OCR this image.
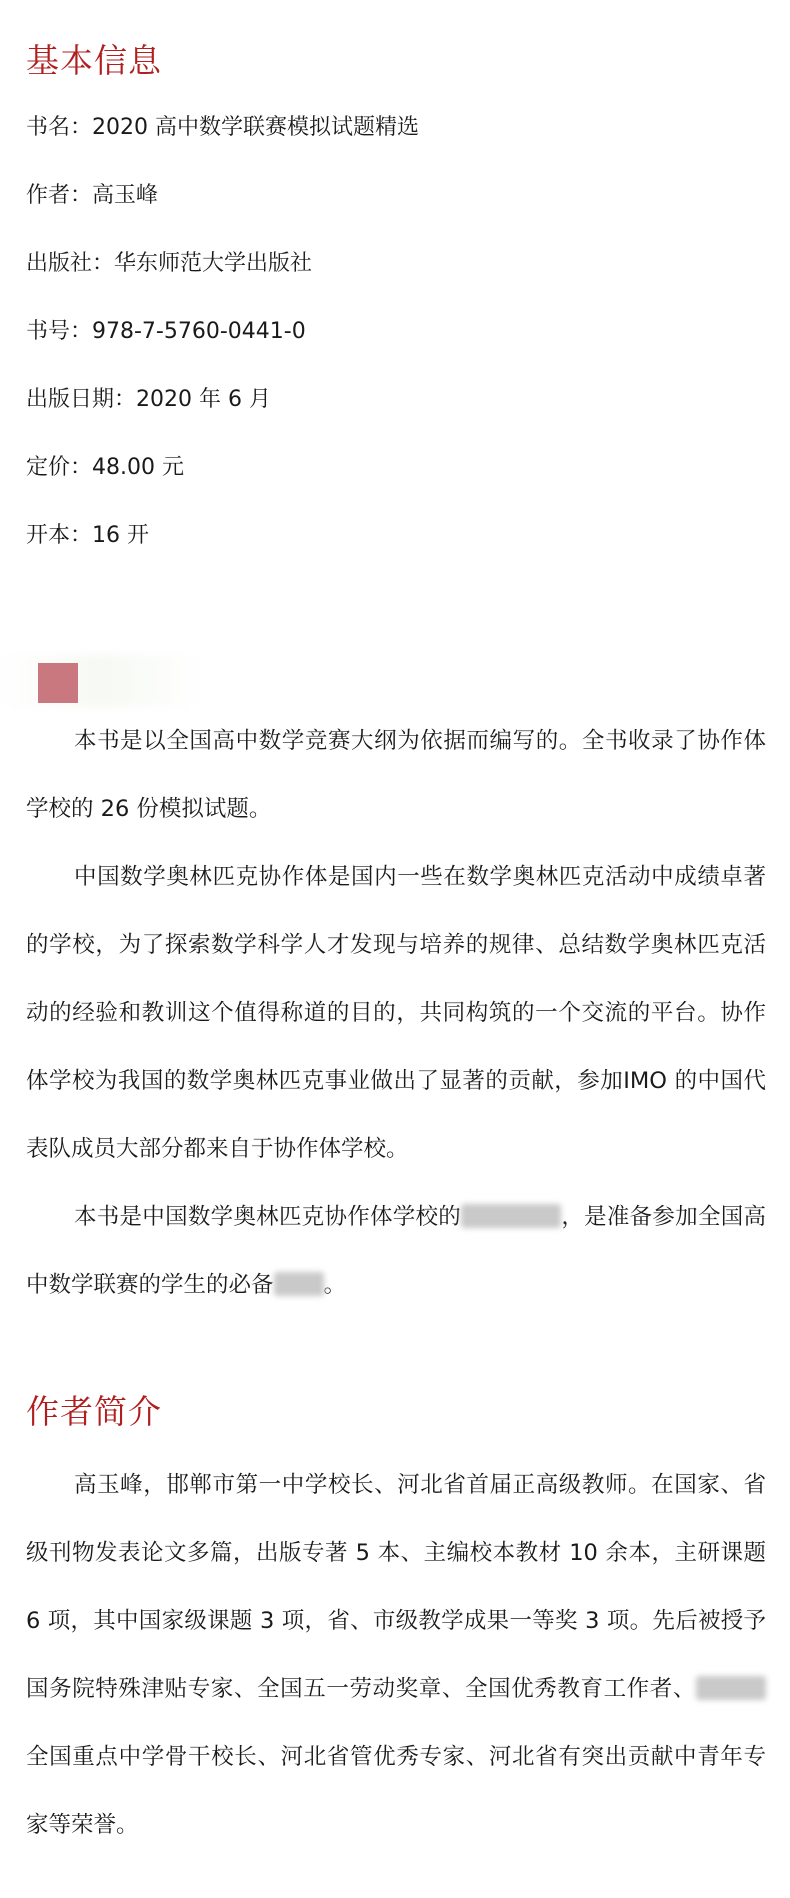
基本信息

书名：2020 高中数学联赛模拟试题精选

作者：高玉峰

出版社：华东师范大学出版社

书号：978-7-5760-0441-0

出版日期：2020 年 6 月

定价：48.00 元

开本：16 开

本书是以全国高中数学竞赛大纲为依据而编写的。全书收录了协作体学校的 26 份模拟试题。

中国数学奥林匹克协作体是国内一些在数学奥林匹克活动中成绩卓著的学校，为了探索数学科学人才发现与培养的规律、总结数学奥林匹克活动的经验和教训这个值得称道的目的，共同构筑的一个交流的平台。协作体学校为我国的数学奥林匹克事业做出了显著的贡献，参加IMO 的中国代表队成员大部分都来自于协作体学校。

本书是中国数学奥林匹克协作体学校的	，是准备参加全国高中数学联赛的学生的必备 。

作者简介

高玉峰，邯郸市第一中学校长、河北省首届正高级教师。在国家、省级刊物发表论文多篇，出版专著 5 本、主编校本教材 10 余本，主研课题 6 项，其中国家级课题 3 项，省、市级教学成果一等奖 3 项。先后被授予国务院特殊津贴专家、全国五一劳动奖章、全国优秀教育工作者、全国重点中学骨干校长、河北省管优秀专家、河北省有突出贡献中青年专家等荣誉。
